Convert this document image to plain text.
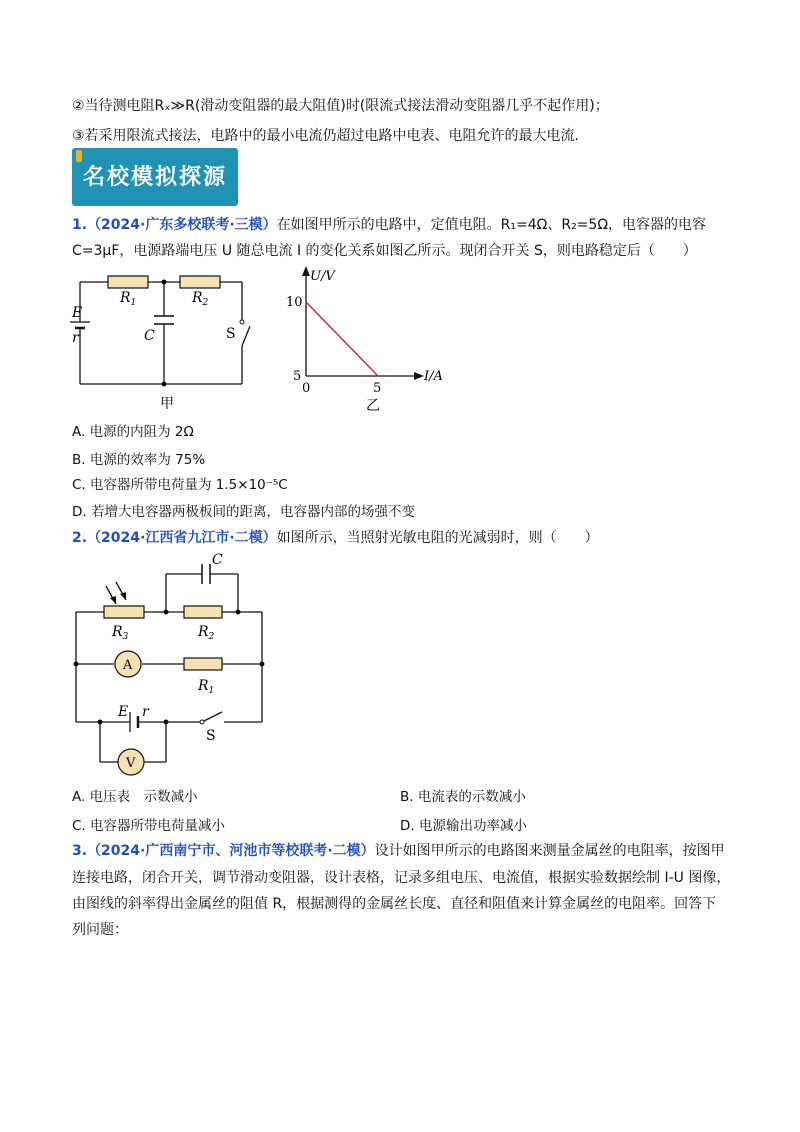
②当待测电阻Rₓ≫R(滑动变阻器的最大阻值)时(限流式接法滑动变阻器几乎不起作用)；
③若采用限流式接法，电路中的最小电流仍超过电路中电表、电阻允许的最大电流.
名校模拟探源
1.（2024·广东多校联考·三模）在如图甲所示的电路中，定值电阻。R₁=4Ω、R₂=5Ω，电容器的电容
C=3μF，电源路端电压 U 随总电流 I 的变化关系如图乙所示。现闭合开关 S，则电路稳定后（　　）
$R_1$	$R_2$
E
r	C	S
甲
U/V
I/A
10
5
0	5
乙
A. 电源的内阻为 2Ω
B. 电源的效率为 75%
C. 电容器所带电荷量为 1.5×10⁻⁵C
D. 若增大电容器两极板间的距离，电容器内部的场强不变
2.（2024·江西省九江市·二模）如图所示，当照射光敏电阻的光减弱时，则（　　）
C
$R_3$	$R_2$
$R_1$
A
V
E r
S
A. 电压表　示数减小	B. 电流表的示数减小
C. 电容器所带电荷量减小	D. 电源输出功率减小
3.（2024·广西南宁市、河池市等校联考·二模）设计如图甲所示的电路图来测量金属丝的电阻率，按图甲
连接电路，闭合开关，调节滑动变阻器，设计表格，记录多组电压、电流值，根据实验数据绘制 I-U 图像，
由图线的斜率得出金属丝的阻值 R，根据测得的金属丝长度、直径和阻值来计算金属丝的电阻率。回答下
列问题：
